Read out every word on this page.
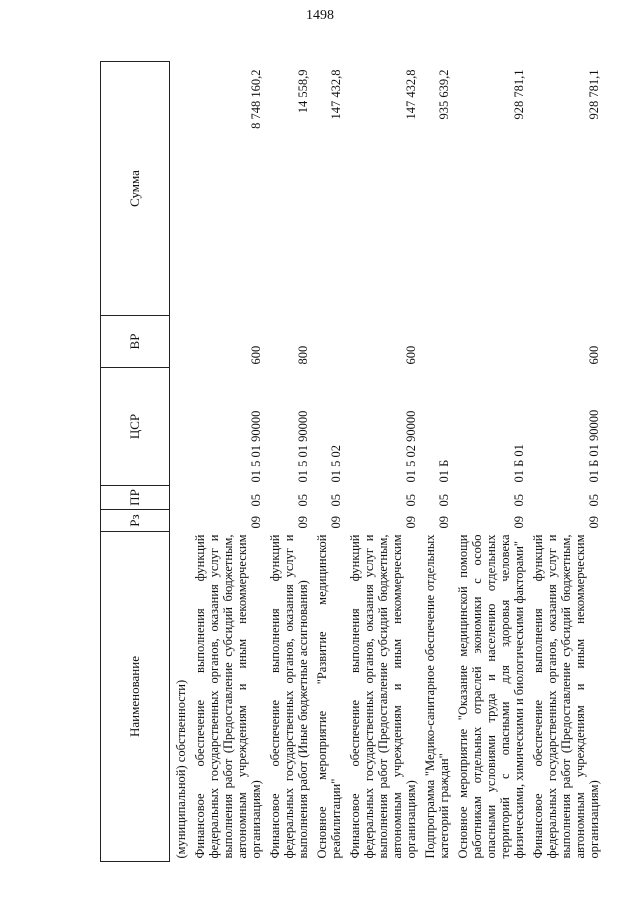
1498
Наименование	Рз	ПР	ЦСР	ВР	Сумма
(муниципальной) собственности)					
Финансовое обеспечение выполнения функций федеральных государственных органов, оказания услуг и выполнения работ (Предоставление субсидий бюджетным, автономным учреждениям и иным некоммерческим организациям)	09	05	01 5 01 90000	600	8 748 160,2
Финансовое обеспечение выполнения функций федеральных государственных органов, оказания услуг и выполнения работ (Иные бюджетные ассигнования)	09	05	01 5 01 90000	800	14 558,9
Основное мероприятие "Развитие медицинской реабилитации"	09	05	01 5 02		147 432,8
Финансовое обеспечение выполнения функций федеральных государственных органов, оказания услуг и выполнения работ (Предоставление субсидий бюджетным, автономным учреждениям и иным некоммерческим организациям)	09	05	01 5 02 90000	600	147 432,8
Подпрограмма "Медико-санитарное обеспечение отдельных категорий граждан"	09	05	01 Б		935 639,2
Основное мероприятие "Оказание медицинской помощи работникам отдельных отраслей экономики с особо опасными условиями труда и населению отдельных территорий с опасными для здоровья человека физическими, химическими и биологическими факторами"	09	05	01 Б 01		928 781,1
Финансовое обеспечение выполнения функций федеральных государственных органов, оказания услуг и выполнения работ (Предоставление субсидий бюджетным, автономным учреждениям и иным некоммерческим организациям)	09	05	01 Б 01 90000	600	928 781,1
